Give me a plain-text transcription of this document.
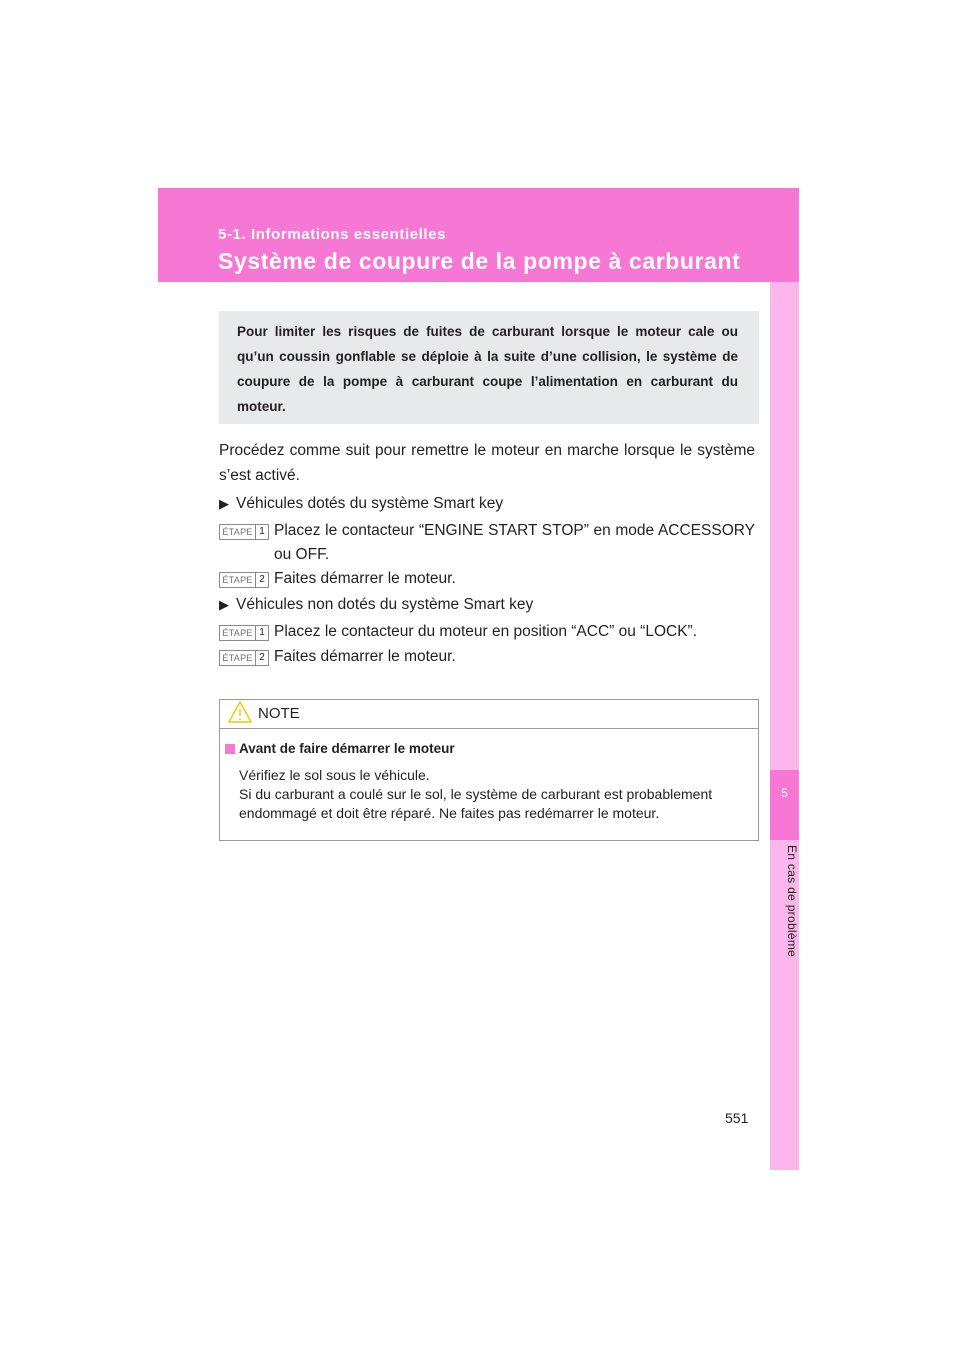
5-1. Informations essentielles
Système de coupure de la pompe à carburant
5
En cas de problème
Pour limiter les risques de fuites de carburant lorsque le moteur cale ou qu’un coussin gonflable se déploie à la suite d’une collision, le système de coupure de la pompe à carburant coupe l’alimentation en carburant du moteur.
Procédez comme suit pour remettre le moteur en marche lorsque le système s’est activé.
▶ Véhicules dotés du système Smart key
ÉTAPE 1 Placez le contacteur “ENGINE START STOP” en mode ACCESSORY ou OFF.
ÉTAPE 2 Faites démarrer le moteur.
▶ Véhicules non dotés du système Smart key
ÉTAPE 1 Placez le contacteur du moteur en position “ACC” ou “LOCK”.
ÉTAPE 2 Faites démarrer le moteur.
NOTE
Avant de faire démarrer le moteur
Vérifiez le sol sous le véhicule.
Si du carburant a coulé sur le sol, le système de carburant est probablement endommagé et doit être réparé. Ne faites pas redémarrer le moteur.
551
